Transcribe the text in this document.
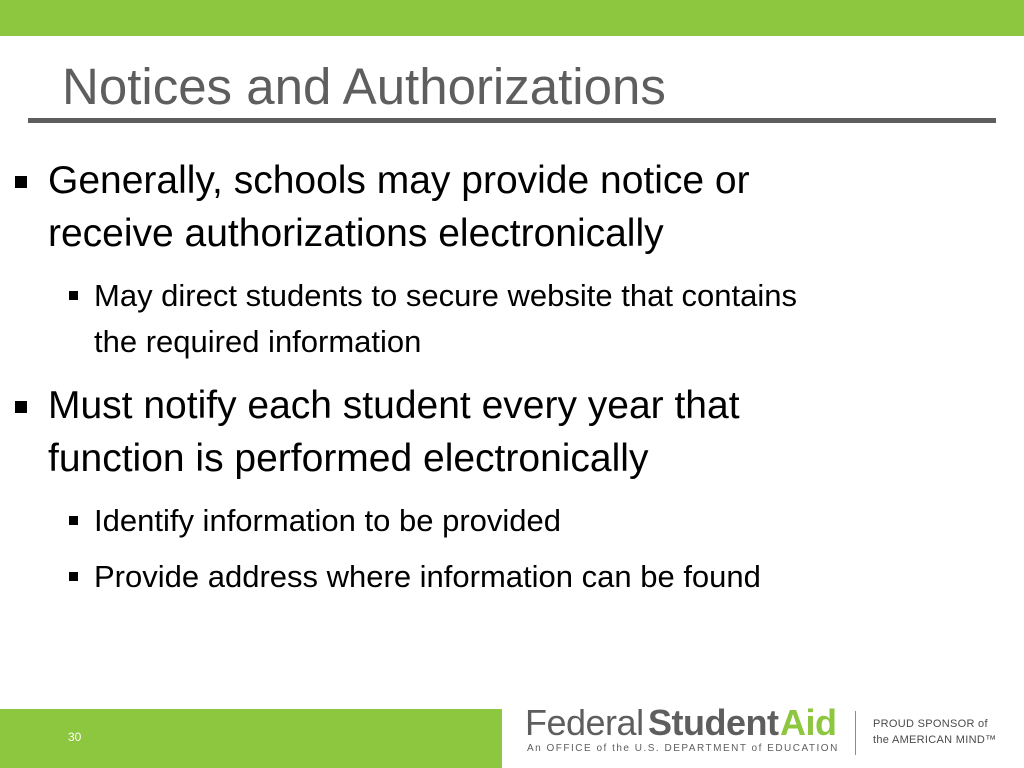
Notices and Authorizations
Generally, schools may provide notice or
receive authorizations electronically
May direct students to secure website that contains
the required information
Must notify each student every year that
function is performed electronically
Identify information to be provided
Provide address where information can be found
30	Federal Student Aid
An OFFICE of the U.S. DEPARTMENT of EDUCATION
PROUD SPONSOR of
the AMERICAN MIND™
